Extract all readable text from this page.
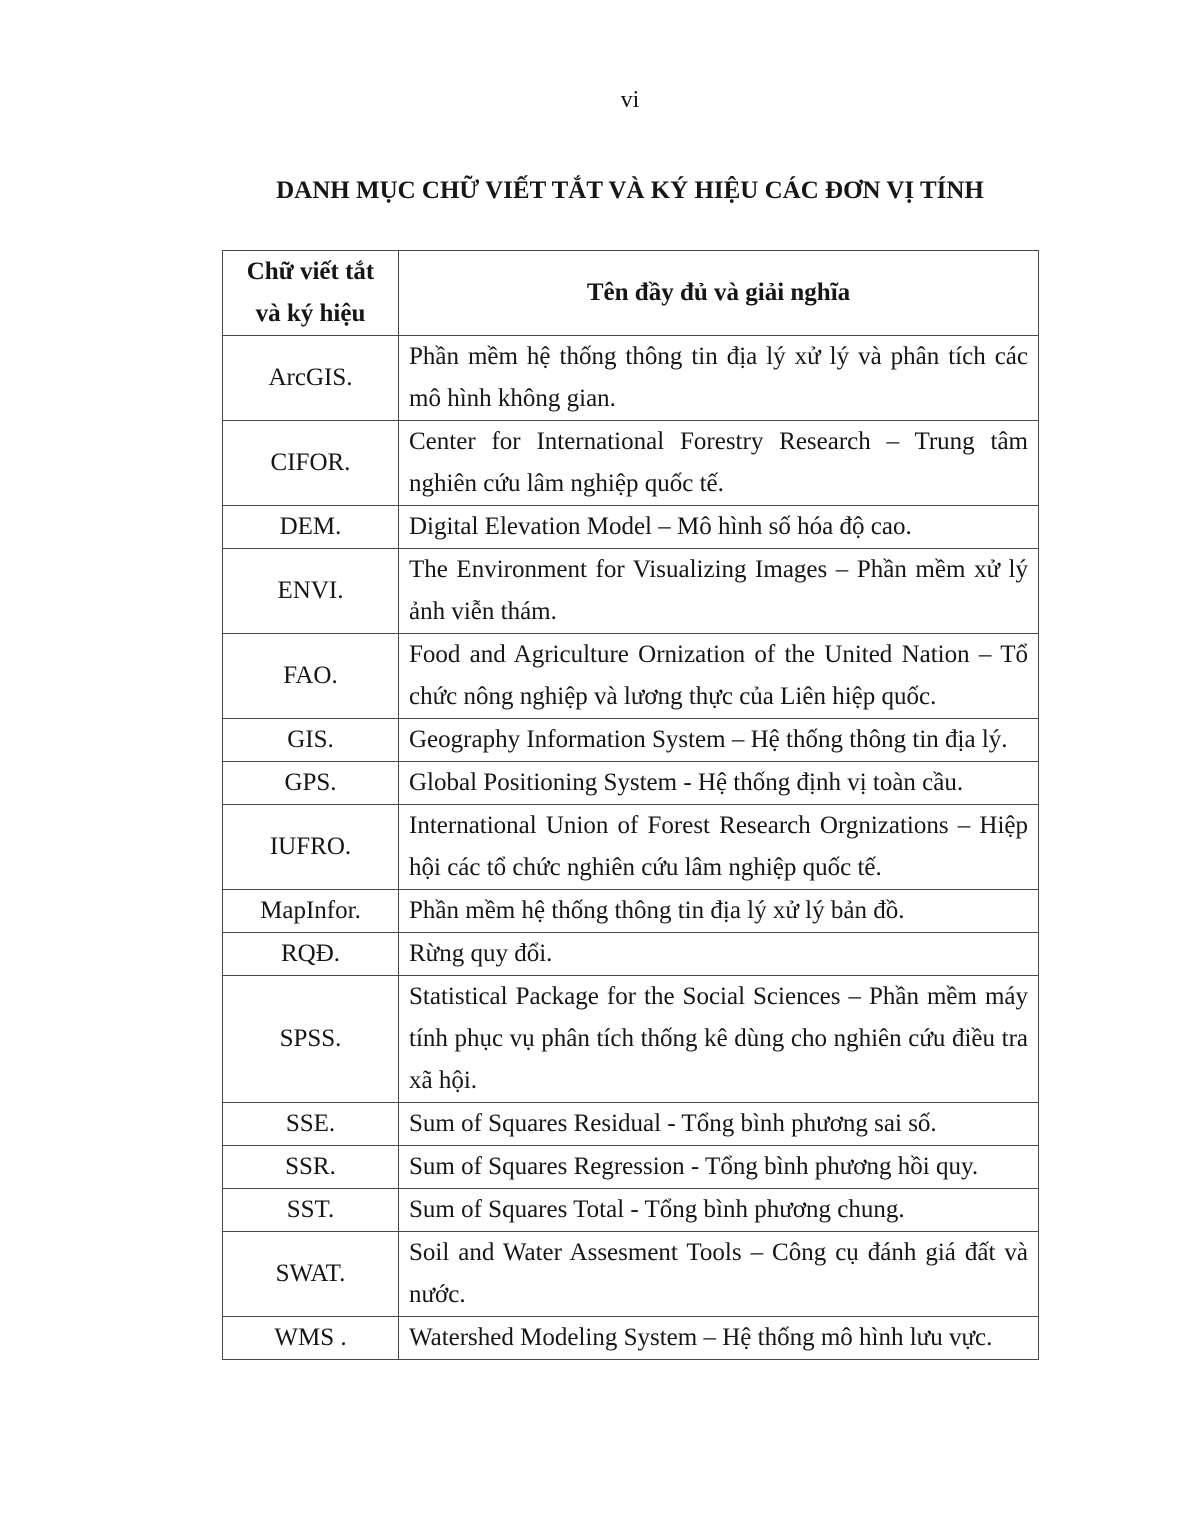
vi
DANH MỤC CHỮ VIẾT TẮT VÀ KÝ HIỆU CÁC ĐƠN VỊ TÍNH
Chữ viết tắt
và ký hiệu	Tên đầy đủ và giải nghĩa
ArcGIS.	Phần mềm hệ thống thông tin địa lý xử lý và phân tích các mô hình không gian.
CIFOR.	Center for International Forestry Research – Trung tâm nghiên cứu lâm nghiệp quốc tế.
DEM.	Digital Elevation Model – Mô hình số hóa độ cao.
ENVI.	The Environment for Visualizing Images – Phần mềm xử lý ảnh viễn thám.
FAO.	Food and Agriculture Ornization of the United Nation – Tổ chức nông nghiệp và lương thực của Liên hiệp quốc.
GIS.	Geography Information System – Hệ thống thông tin địa lý.
GPS.	Global Positioning System - Hệ thống định vị toàn cầu.
IUFRO.	International Union of Forest Research Orgnizations – Hiệp hội các tổ chức nghiên cứu lâm nghiệp quốc tế.
MapInfor.	Phần mềm hệ thống thông tin địa lý xử lý bản đồ.
RQĐ.	Rừng quy đổi.
SPSS.	Statistical Package for the Social Sciences – Phần mềm máy tính phục vụ phân tích thống kê dùng cho nghiên cứu điều tra xã hội.
SSE.	Sum of Squares Residual - Tổng bình phương sai số.
SSR.	Sum of Squares Regression - Tổng bình phương hồi quy.
SST.	Sum of Squares Total - Tổng bình phương chung.
SWAT.	Soil and Water Assesment Tools – Công cụ đánh giá đất và nước.
WMS .	Watershed Modeling System – Hệ thống mô hình lưu vực.
